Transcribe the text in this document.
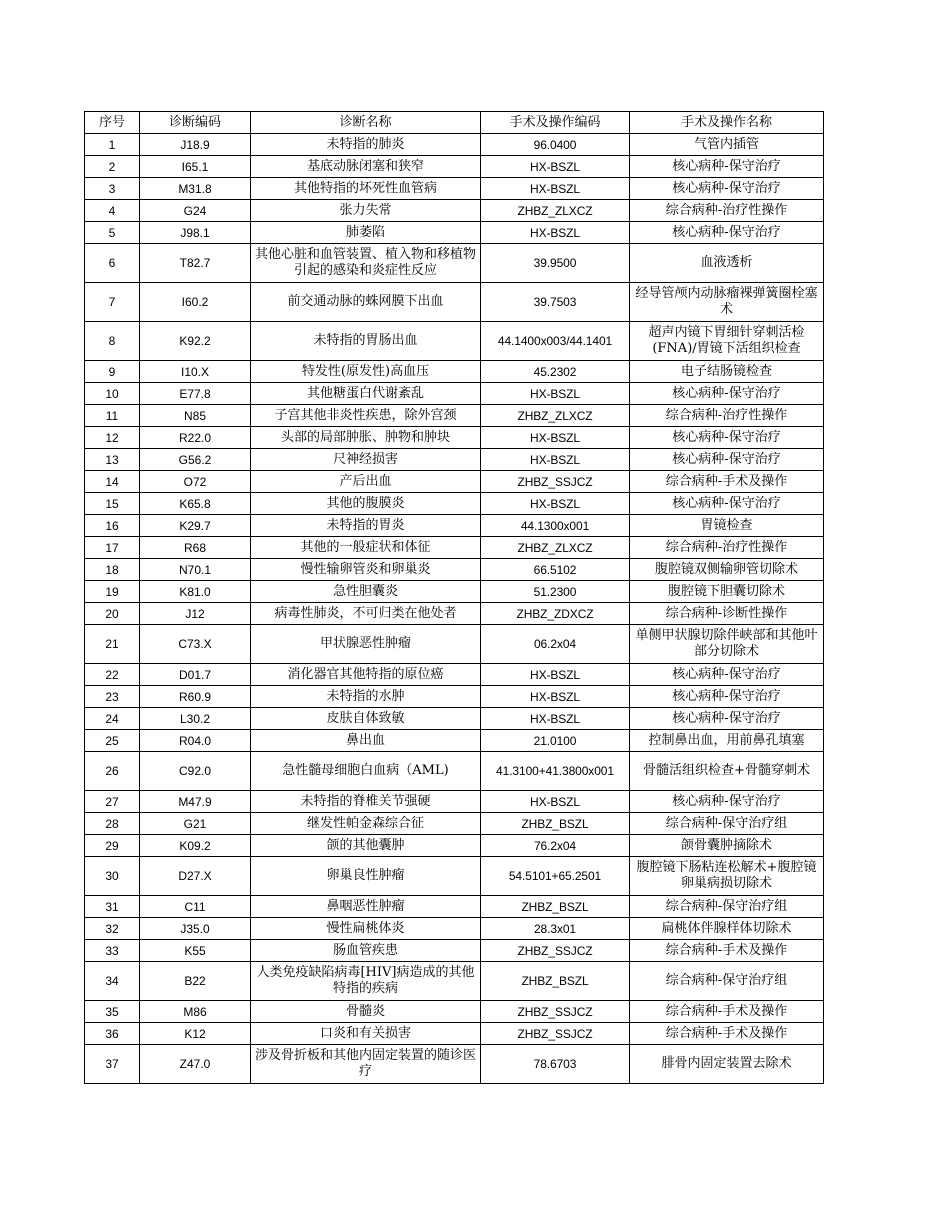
序号	诊断编码	诊断名称	手术及操作编码	手术及操作名称
1	J18.9	未特指的肺炎	96.0400	气管内插管
2	I65.1	基底动脉闭塞和狭窄	HX-BSZL	核心病种-保守治疗
3	M31.8	其他特指的坏死性血管病	HX-BSZL	核心病种-保守治疗
4	G24	张力失常	ZHBZ_ZLXCZ	综合病种-治疗性操作
5	J98.1	肺萎陷	HX-BSZL	核心病种-保守治疗
6	T82.7	其他心脏和血管装置、植入物和移植物引起的感染和炎症性反应	39.9500	血液透析
7	I60.2	前交通动脉的蛛网膜下出血	39.7503	经导管颅内动脉瘤裸弹簧圈栓塞术
8	K92.2	未特指的胃肠出血	44.1400x003/44.1401	超声内镜下胃细针穿刺活检(FNA)/胃镜下活组织检查
9	I10.X	特发性(原发性)高血压	45.2302	电子结肠镜检查
10	E77.8	其他糖蛋白代谢紊乱	HX-BSZL	核心病种-保守治疗
11	N85	子宫其他非炎性疾患，除外宫颈	ZHBZ_ZLXCZ	综合病种-治疗性操作
12	R22.0	头部的局部肿胀、肿物和肿块	HX-BSZL	核心病种-保守治疗
13	G56.2	尺神经损害	HX-BSZL	核心病种-保守治疗
14	O72	产后出血	ZHBZ_SSJCZ	综合病种-手术及操作
15	K65.8	其他的腹膜炎	HX-BSZL	核心病种-保守治疗
16	K29.7	未特指的胃炎	44.1300x001	胃镜检查
17	R68	其他的一般症状和体征	ZHBZ_ZLXCZ	综合病种-治疗性操作
18	N70.1	慢性输卵管炎和卵巢炎	66.5102	腹腔镜双侧输卵管切除术
19	K81.0	急性胆囊炎	51.2300	腹腔镜下胆囊切除术
20	J12	病毒性肺炎，不可归类在他处者	ZHBZ_ZDXCZ	综合病种-诊断性操作
21	C73.X	甲状腺恶性肿瘤	06.2x04	单侧甲状腺切除伴峡部和其他叶部分切除术
22	D01.7	消化器官其他特指的原位癌	HX-BSZL	核心病种-保守治疗
23	R60.9	未特指的水肿	HX-BSZL	核心病种-保守治疗
24	L30.2	皮肤自体致敏	HX-BSZL	核心病种-保守治疗
25	R04.0	鼻出血	21.0100	控制鼻出血，用前鼻孔填塞
26	C92.0	急性髓母细胞白血病（AML)	41.3100+41.3800x001	骨髓活组织检查+骨髓穿刺术
27	M47.9	未特指的脊椎关节强硬	HX-BSZL	核心病种-保守治疗
28	G21	继发性帕金森综合征	ZHBZ_BSZL	综合病种-保守治疗组
29	K09.2	颌的其他囊肿	76.2x04	颌骨囊肿摘除术
30	D27.X	卵巢良性肿瘤	54.5101+65.2501	腹腔镜下肠粘连松解术+腹腔镜卵巢病损切除术
31	C11	鼻咽恶性肿瘤	ZHBZ_BSZL	综合病种-保守治疗组
32	J35.0	慢性扁桃体炎	28.3x01	扁桃体伴腺样体切除术
33	K55	肠血管疾患	ZHBZ_SSJCZ	综合病种-手术及操作
34	B22	人类免疫缺陷病毒[HIV]病造成的其他特指的疾病	ZHBZ_BSZL	综合病种-保守治疗组
35	M86	骨髓炎	ZHBZ_SSJCZ	综合病种-手术及操作
36	K12	口炎和有关损害	ZHBZ_SSJCZ	综合病种-手术及操作
37	Z47.0	涉及骨折板和其他内固定装置的随诊医疗	78.6703	腓骨内固定装置去除术
